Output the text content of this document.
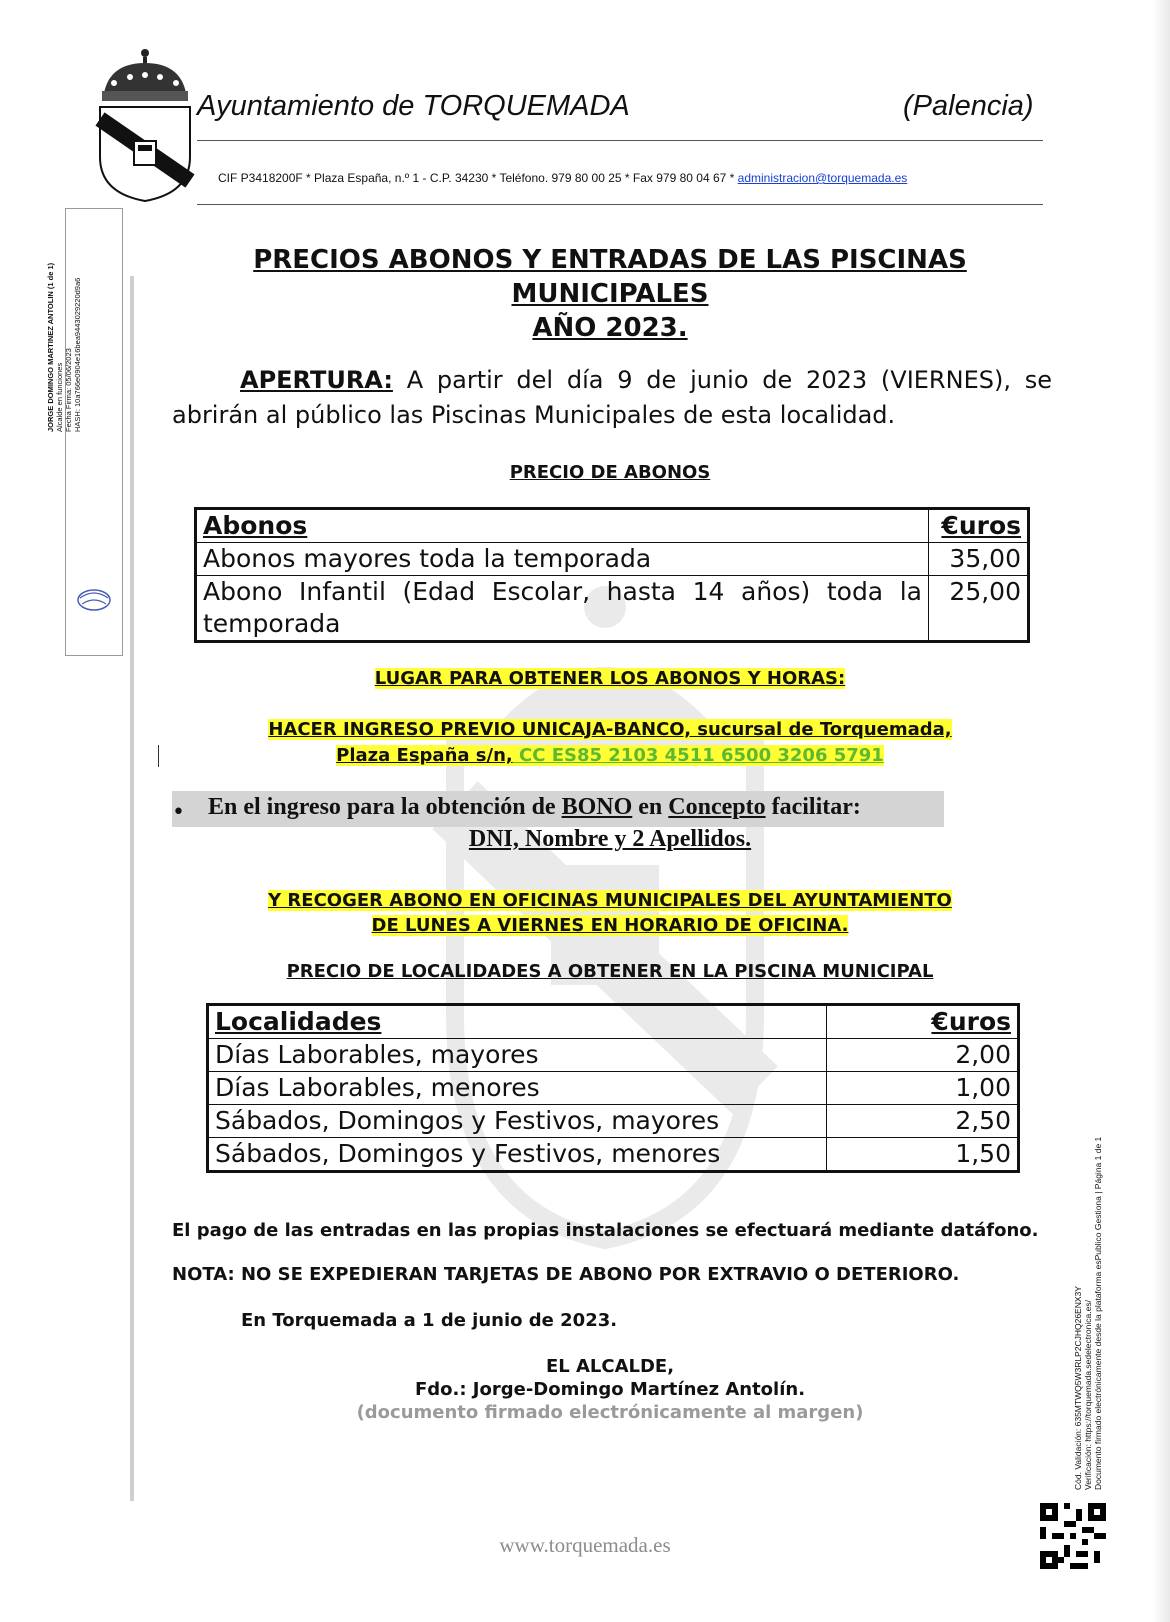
Ayuntamiento de TORQUEMADA	(Palencia)
CIF P3418200F * Plaza España, n.º 1 - C.P. 34230 * Teléfono. 979 80 00 25 * Fax 979 80 04 67 * administracion@torquemada.es
JORGE DOMINGO MARTINEZ ANTOLIN (1 de 1) Alcalde en funciones Fecha Firma: 05/06/2023 HASH: 10a766e0904e16bea9443029220d9a6
Cód. Validación: 635MTWQ5W3RLP2CJHQ26ENX3Y Verificación: https://torquemada.sedelectronica.es/ Documento firmado electrónicamente desde la plataforma esPublico Gestiona | Página 1 de 1
PRECIOS ABONOS Y ENTRADAS DE LAS PISCINAS
MUNICIPALES
AÑO 2023.
APERTURA: A partir del día 9 de junio de 2023 (VIERNES), se abrirán al público las Piscinas Municipales de esta localidad.
PRECIO DE ABONOS
Abonos	€uros
Abonos mayores toda la temporada	35,00
Abono Infantil (Edad Escolar, hasta 14 años) toda la temporada	25,00
LUGAR PARA OBTENER LOS ABONOS Y HORAS:
HACER INGRESO PREVIO UNICAJA-BANCO, sucursal de Torquemada,
Plaza España s/n, CC ES85 2103 4511 6500 3206 5791
• En el ingreso para la obtención de BONO en Concepto facilitar:
DNI, Nombre y 2 Apellidos.
Y RECOGER ABONO EN OFICINAS MUNICIPALES DEL AYUNTAMIENTO
DE LUNES A VIERNES EN HORARIO DE OFICINA.
PRECIO DE LOCALIDADES A OBTENER EN LA PISCINA MUNICIPAL
Localidades	€uros
Días Laborables, mayores	2,00
Días Laborables, menores	1,00
Sábados, Domingos y Festivos, mayores	2,50
Sábados, Domingos y Festivos, menores	1,50
El pago de las entradas en las propias instalaciones se efectuará mediante datáfono.
NOTA: NO SE EXPEDIERAN TARJETAS DE ABONO POR EXTRAVIO O DETERIORO.
En Torquemada a 1 de junio de 2023.
EL ALCALDE,
Fdo.: Jorge-Domingo Martínez Antolín.
(documento firmado electrónicamente al margen)
www.torquemada.es
